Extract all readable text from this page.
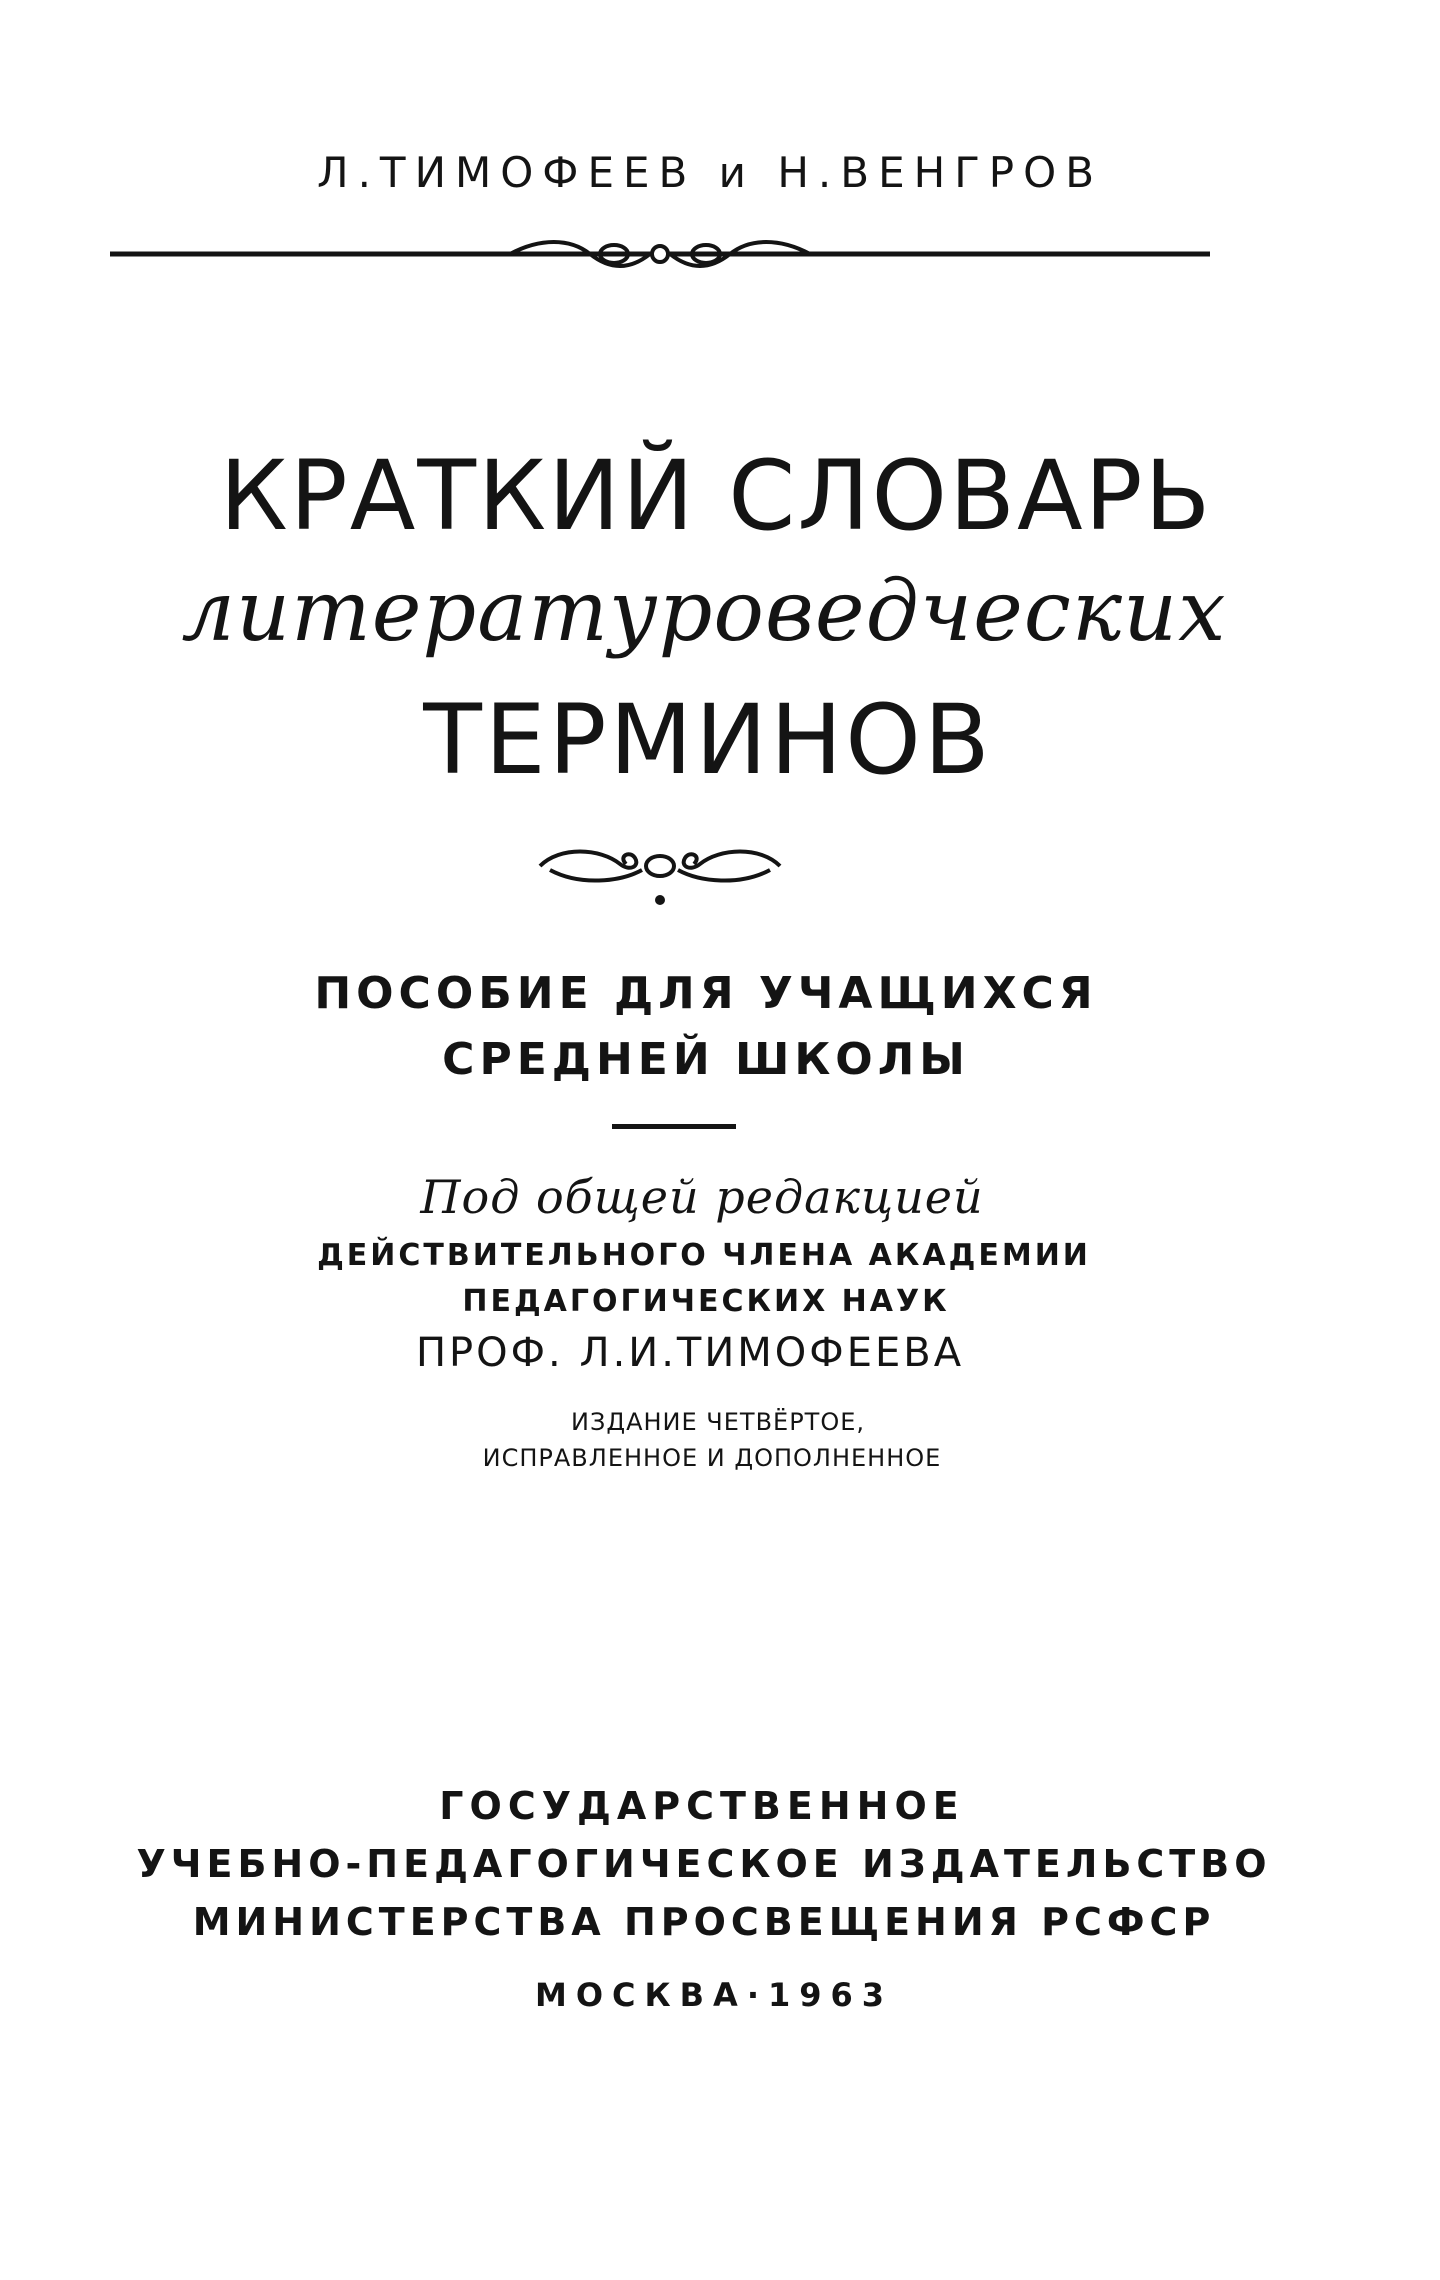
Л.ТИМОФЕЕВ и Н.ВЕНГРОВ
КРАТКИЙ СЛОВАРЬ
литературоведческих
ТЕРМИНОВ
ПОСОБИЕ ДЛЯ УЧАЩИХСЯ
СРЕДНЕЙ ШКОЛЫ
Под общей редакцией
ДЕЙСТВИТЕЛЬНОГО ЧЛЕНА АКАДЕМИИ
ПЕДАГОГИЧЕСКИХ НАУК
ПРОФ. Л.И.ТИМОФЕЕВА
ИЗДАНИЕ ЧЕТВЁРТОЕ,
ИСПРАВЛЕННОЕ И ДОПОЛНЕННОЕ
ГОСУДАРСТВЕННОЕ
УЧЕБНО-ПЕДАГОГИЧЕСКОЕ ИЗДАТЕЛЬСТВО
МИНИСТЕРСТВА ПРОСВЕЩЕНИЯ РСФСР
МОСКВА·1963
